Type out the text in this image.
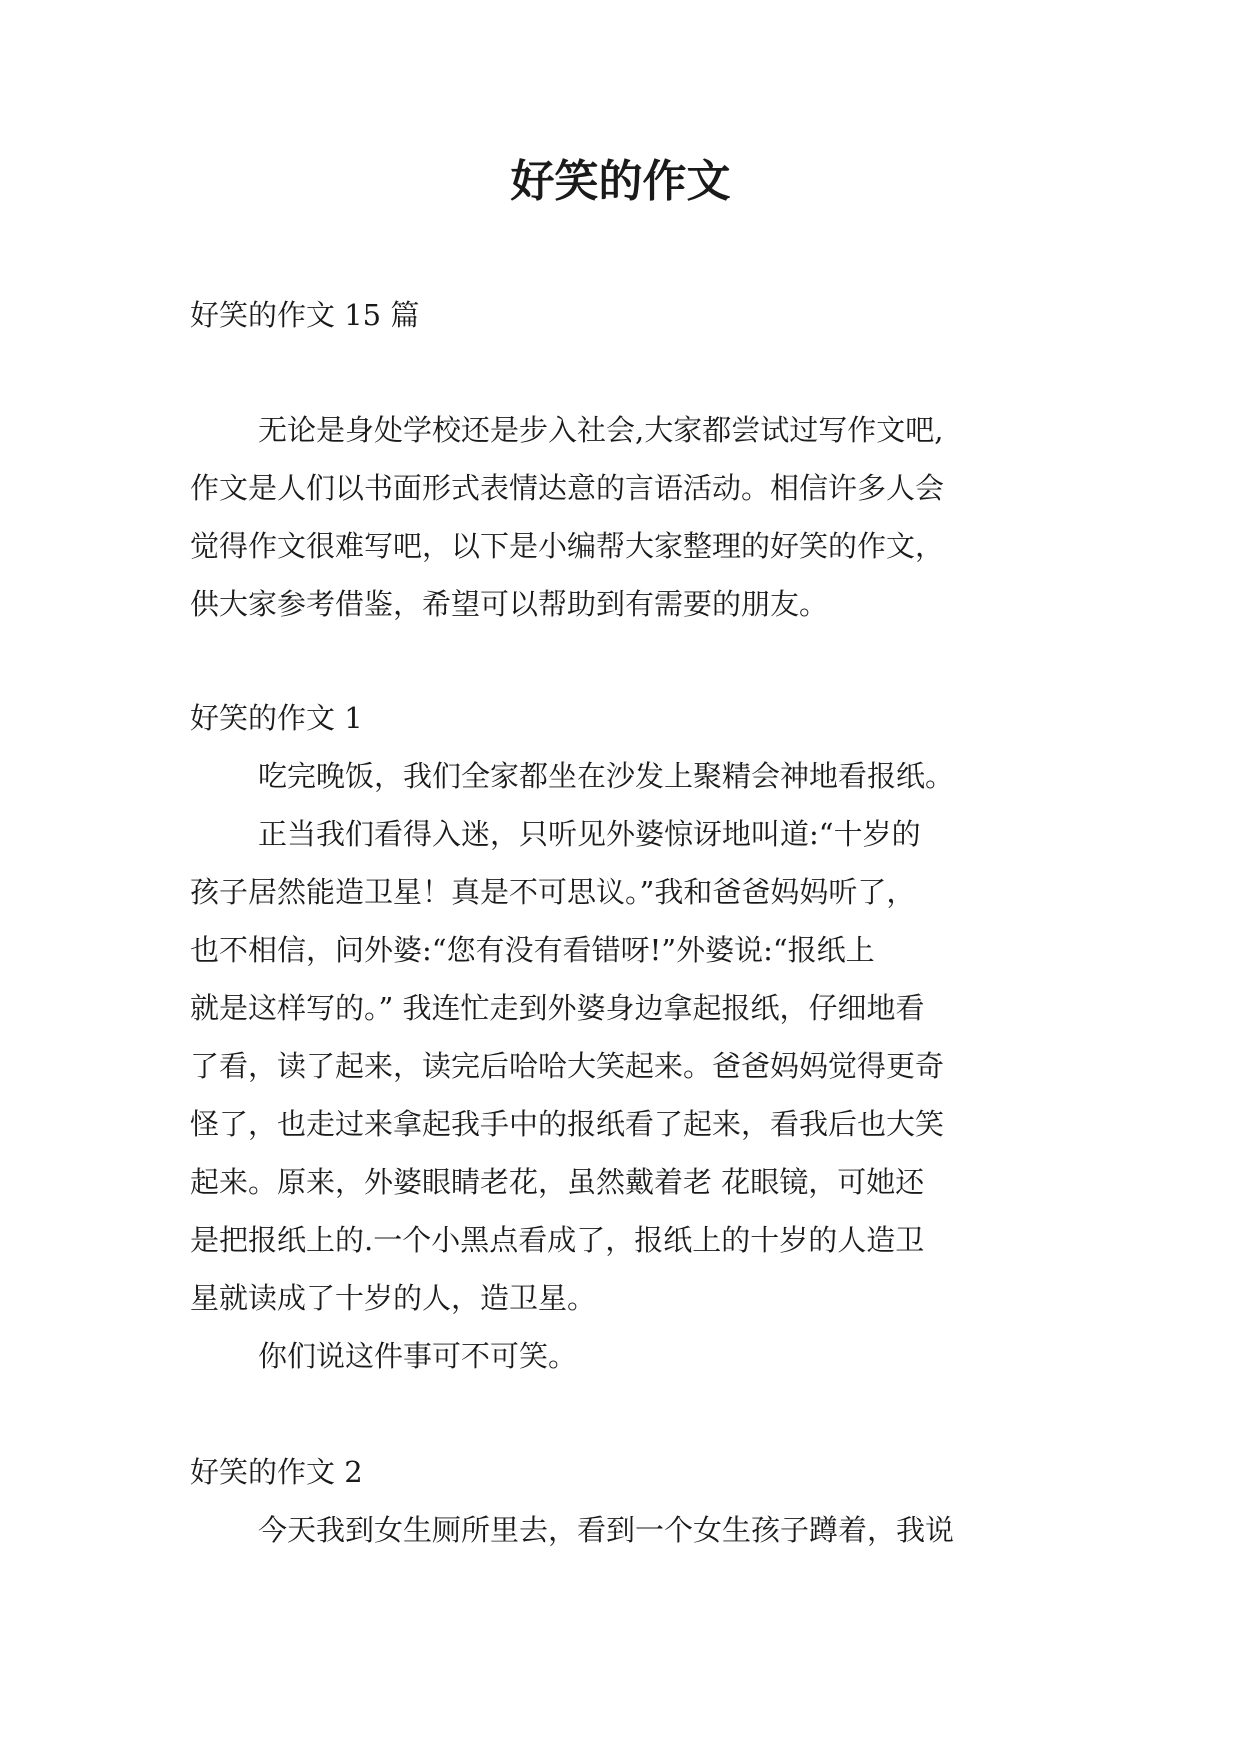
好笑的作文

好笑的作文 15 篇

无论是身处学校还是步入社会,大家都尝试过写作文吧,

作文是人们以书面形式表情达意的言语活动。相信许多人会

觉得作文很难写吧，以下是小编帮大家整理的好笑的作文，

供大家参考借鉴，希望可以帮助到有需要的朋友。

好笑的作文 1

吃完晚饭，我们全家都坐在沙发上聚精会神地看报纸。

正当我们看得入迷，只听见外婆惊讶地叫道:“十岁的

孩子居然能造卫星！真是不可思议。”我和爸爸妈妈听了，

也不相信，问外婆:“您有没有看错呀!”外婆说:“报纸上

就是这样写的。” 我连忙走到外婆身边拿起报纸，仔细地看

了看，读了起来，读完后哈哈大笑起来。爸爸妈妈觉得更奇

怪了，也走过来拿起我手中的报纸看了起来，看我后也大笑

起来。原来，外婆眼睛老花，虽然戴着老 花眼镜，可她还

是把报纸上的.一个小黑点看成了，报纸上的十岁的人造卫

星就读成了十岁的人，造卫星。

你们说这件事可不可笑。

好笑的作文 2

今天我到女生厕所里去，看到一个女生孩子蹲着，我说
